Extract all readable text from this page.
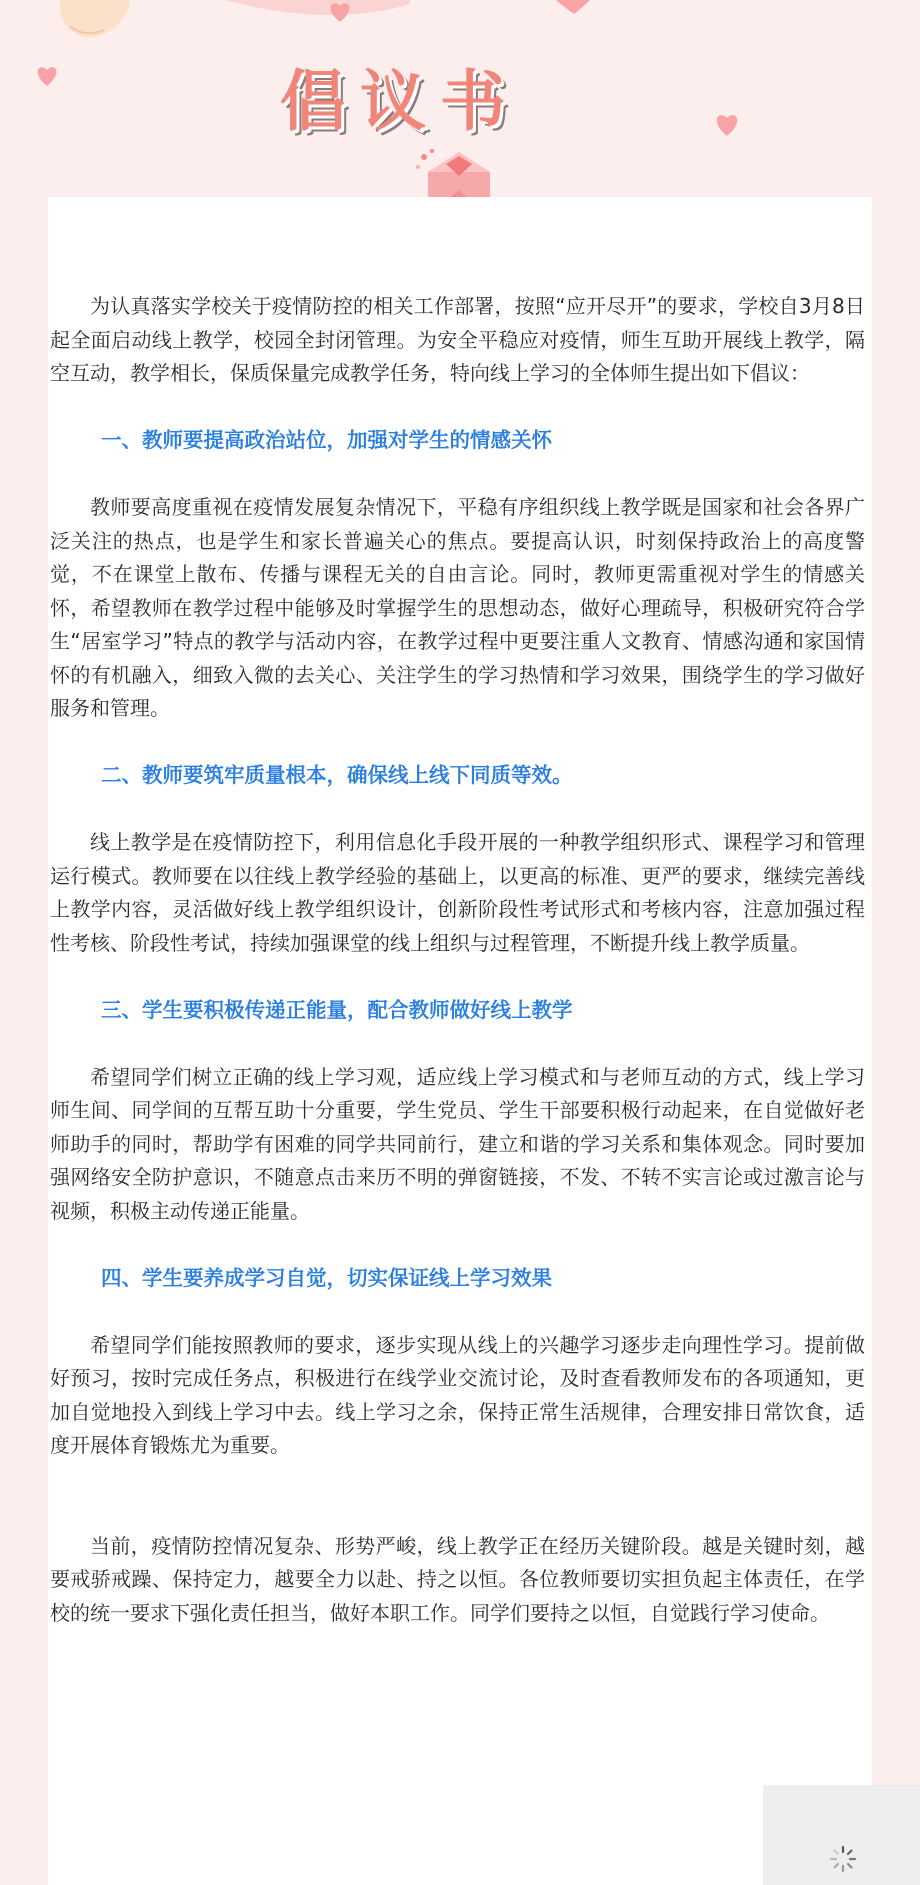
倡议书

为认真落实学校关于疫情防控的相关工作部署，按照“应开尽开”的要求，学校自3月8日起全面启动线上教学，校园全封闭管理。为安全平稳应对疫情，师生互助开展线上教学，隔空互动，教学相长，保质保量完成教学任务，特向线上学习的全体师生提出如下倡议：

一、教师要提高政治站位，加强对学生的情感关怀

教师要高度重视在疫情发展复杂情况下，平稳有序组织线上教学既是国家和社会各界广泛关注的热点，也是学生和家长普遍关心的焦点。要提高认识，时刻保持政治上的高度警觉，不在课堂上散布、传播与课程无关的自由言论。同时，教师更需重视对学生的情感关怀，希望教师在教学过程中能够及时掌握学生的思想动态，做好心理疏导，积极研究符合学生“居室学习”特点的教学与活动内容，在教学过程中更要注重人文教育、情感沟通和家国情怀的有机融入，细致入微的去关心、关注学生的学习热情和学习效果，围绕学生的学习做好服务和管理。

二、教师要筑牢质量根本，确保线上线下同质等效。

线上教学是在疫情防控下，利用信息化手段开展的一种教学组织形式、课程学习和管理运行模式。教师要在以往线上教学经验的基础上，以更高的标准、更严的要求，继续完善线上教学内容，灵活做好线上教学组织设计，创新阶段性考试形式和考核内容，注意加强过程性考核、阶段性考试，持续加强课堂的线上组织与过程管理，不断提升线上教学质量。

三、学生要积极传递正能量，配合教师做好线上教学

希望同学们树立正确的线上学习观，适应线上学习模式和与老师互动的方式，线上学习师生间、同学间的互帮互助十分重要，学生党员、学生干部要积极行动起来，在自觉做好老师助手的同时，帮助学有困难的同学共同前行，建立和谐的学习关系和集体观念。同时要加强网络安全防护意识，不随意点击来历不明的弹窗链接，不发、不转不实言论或过激言论与视频，积极主动传递正能量。

四、学生要养成学习自觉，切实保证线上学习效果

希望同学们能按照教师的要求，逐步实现从线上的兴趣学习逐步走向理性学习。提前做好预习，按时完成任务点，积极进行在线学业交流讨论，及时查看教师发布的各项通知，更加自觉地投入到线上学习中去。线上学习之余，保持正常生活规律，合理安排日常饮食，适度开展体育锻炼尤为重要。

当前，疫情防控情况复杂、形势严峻，线上教学正在经历关键阶段。越是关键时刻，越要戒骄戒躁、保持定力，越要全力以赴、持之以恒。各位教师要切实担负起主体责任，在学校的统一要求下强化责任担当，做好本职工作。同学们要持之以恒，自觉践行学习使命。
